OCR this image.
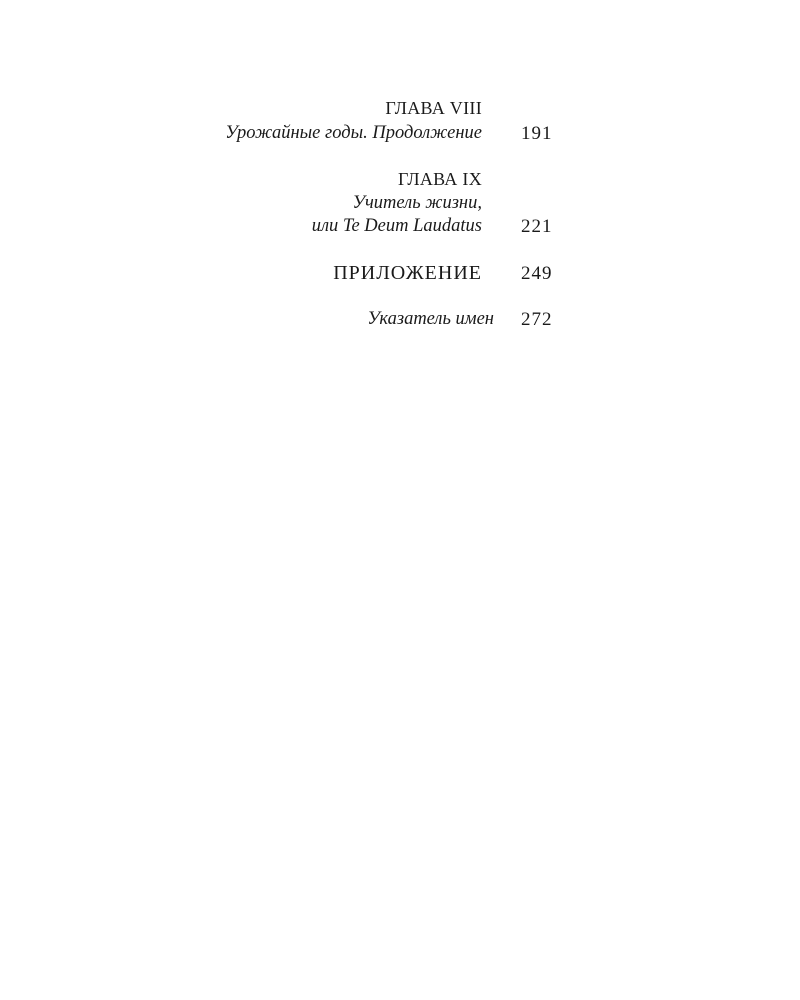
ГЛАВА VIII
Урожайные годы. Продолжение 191
ГЛАВА IX
Учитель жизни,
или Te Deum Laudatus 221
ПРИЛОЖЕНИЕ 249
Указатель имен 272
